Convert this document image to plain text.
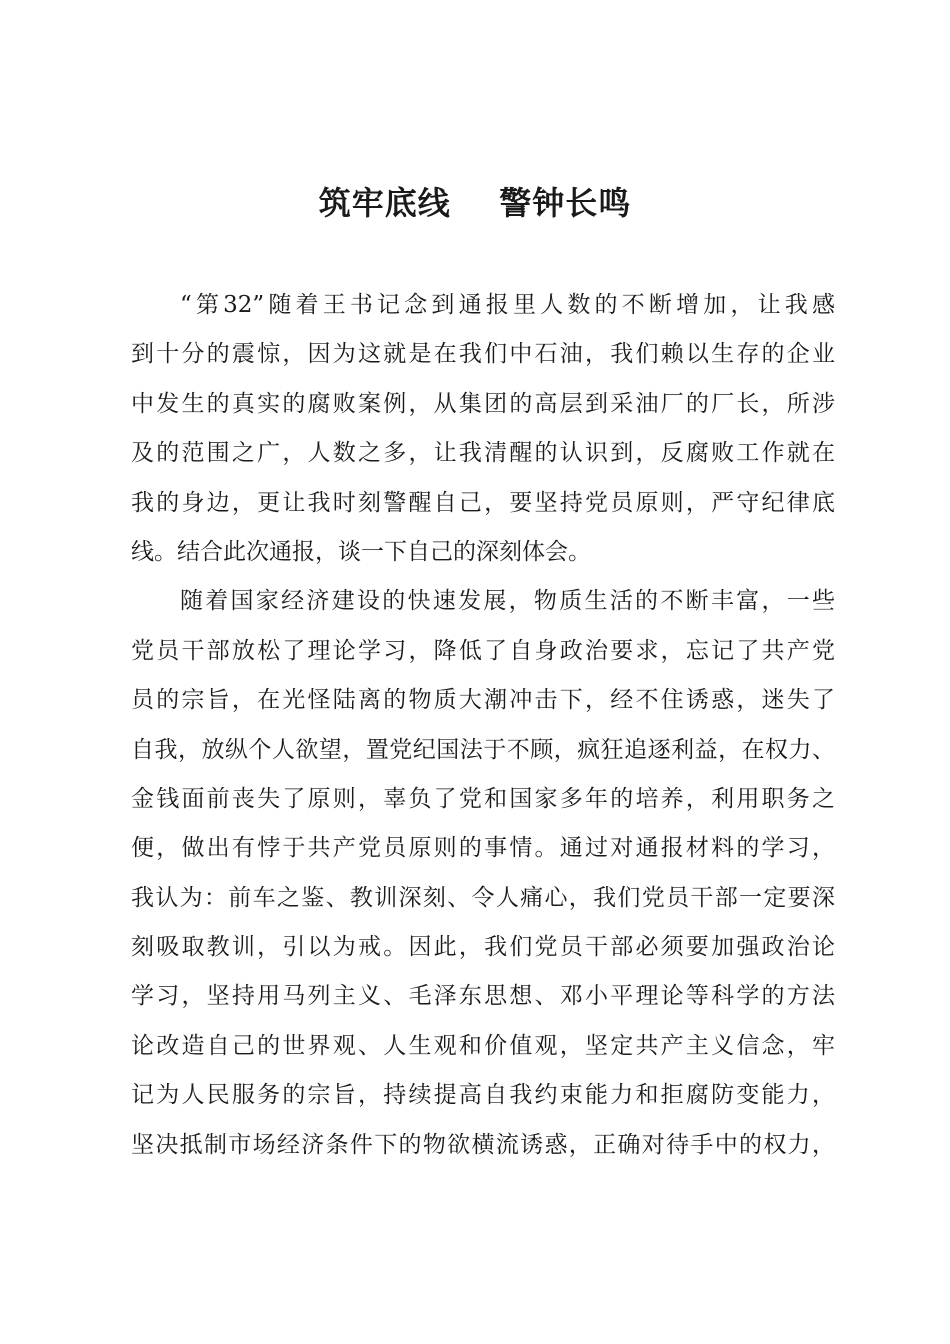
筑牢底线    警钟长鸣
“第32”随着王书记念到通报里人数的不断增加，让我感
到十分的震惊，因为这就是在我们中石油，我们赖以生存的企业
中发生的真实的腐败案例，从集团的高层到采油厂的厂长，所涉
及的范围之广，人数之多，让我清醒的认识到，反腐败工作就在
我的身边，更让我时刻警醒自己，要坚持党员原则，严守纪律底
线。结合此次通报，谈一下自己的深刻体会。
随着国家经济建设的快速发展，物质生活的不断丰富，一些
党员干部放松了理论学习，降低了自身政治要求，忘记了共产党
员的宗旨，在光怪陆离的物质大潮冲击下，经不住诱惑，迷失了
自我，放纵个人欲望，置党纪国法于不顾，疯狂追逐利益，在权力、
金钱面前丧失了原则，辜负了党和国家多年的培养，利用职务之
便，做出有悖于共产党员原则的事情。通过对通报材料的学习，
我认为：前车之鉴、教训深刻、令人痛心，我们党员干部一定要深
刻吸取教训，引以为戒。因此，我们党员干部必须要加强政治论
学习，坚持用马列主义、毛泽东思想、邓小平理论等科学的方法
论改造自己的世界观、人生观和价值观，坚定共产主义信念，牢
记为人民服务的宗旨，持续提高自我约束能力和拒腐防变能力，
坚决抵制市场经济条件下的物欲横流诱惑，正确对待手中的权力，
